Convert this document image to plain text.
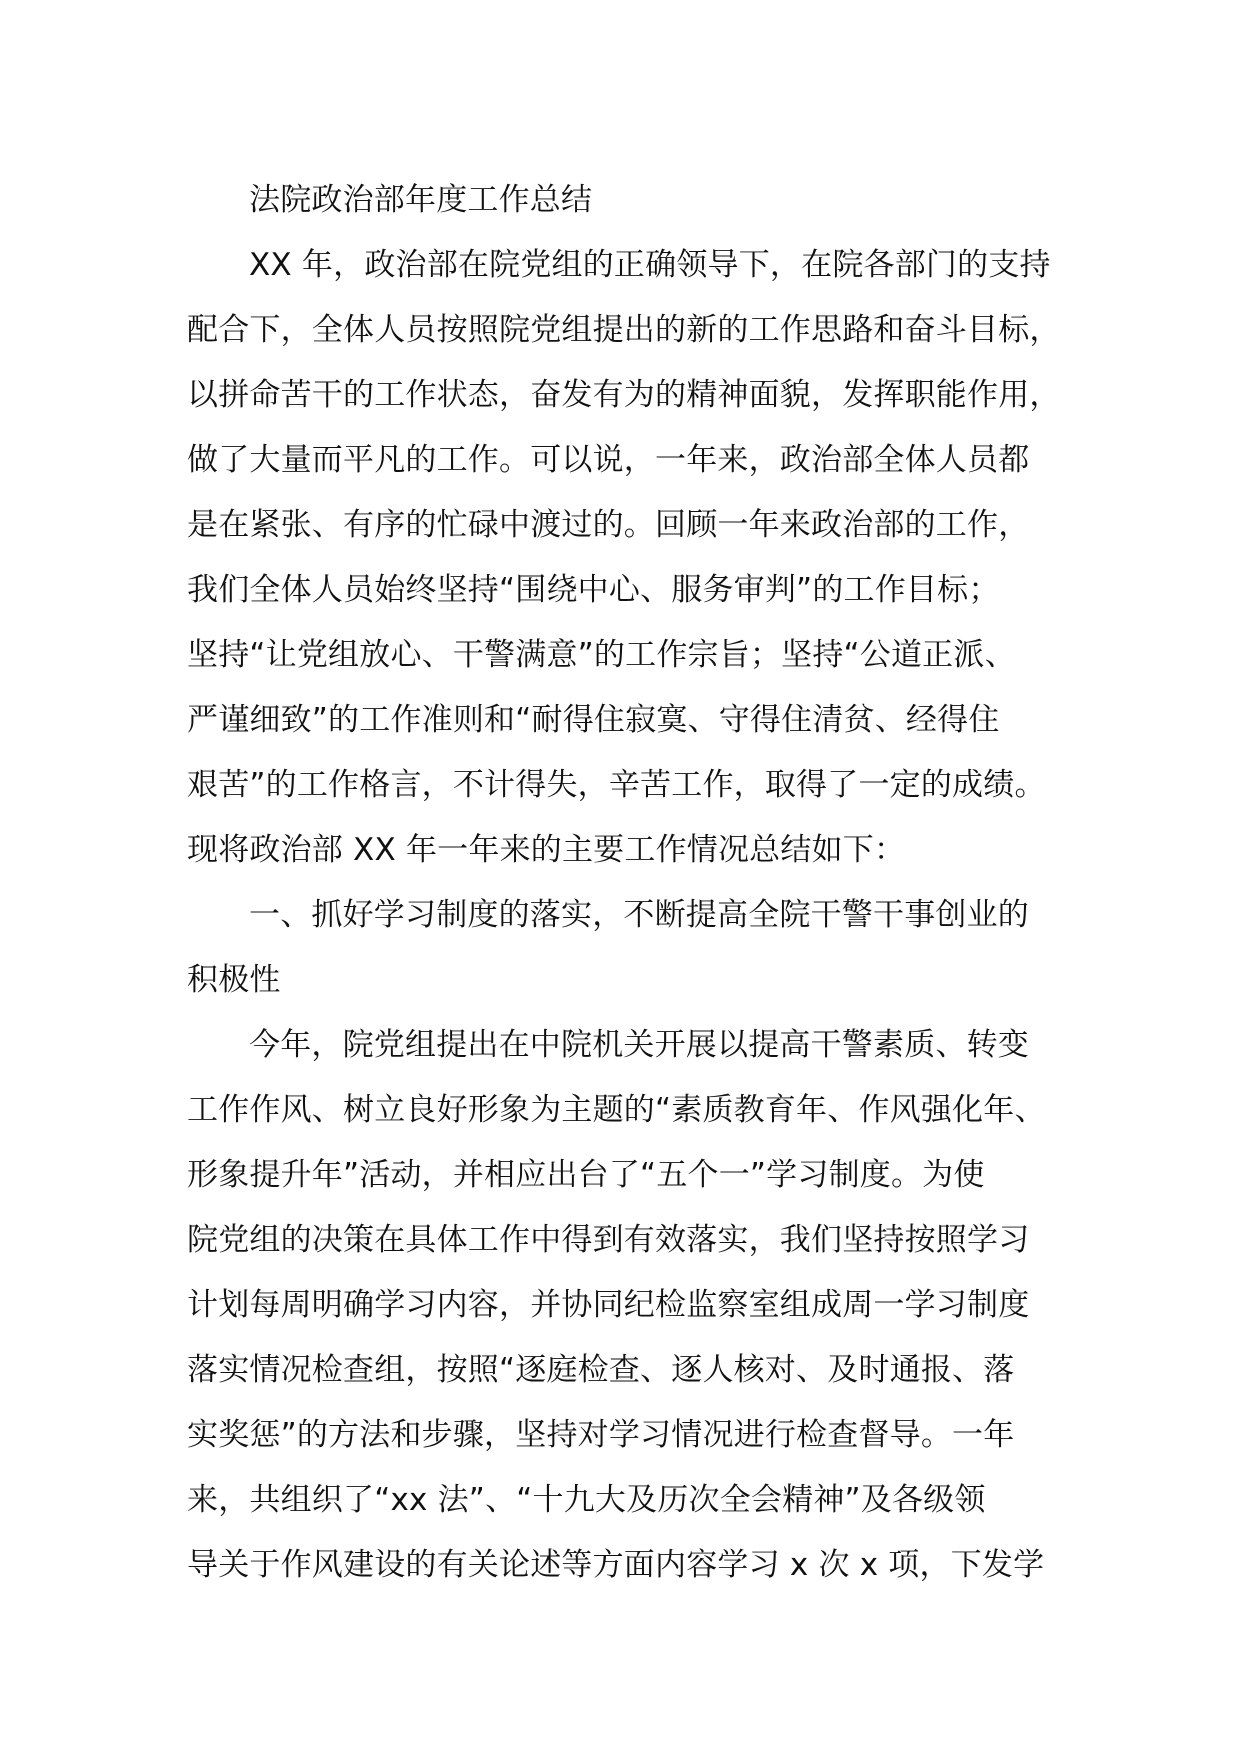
法院政治部年度工作总结
XX 年，政治部在院党组的正确领导下，在院各部门的支持
配合下，全体人员按照院党组提出的新的工作思路和奋斗目标，
以拼命苦干的工作状态，奋发有为的精神面貌，发挥职能作用，
做了大量而平凡的工作。可以说，一年来，政治部全体人员都
是在紧张、有序的忙碌中渡过的。回顾一年来政治部的工作，
我们全体人员始终坚持“围绕中心、服务审判”的工作目标；
坚持“让党组放心、干警满意”的工作宗旨；坚持“公道正派、
严谨细致”的工作准则和“耐得住寂寞、守得住清贫、经得住
艰苦”的工作格言，不计得失，辛苦工作，取得了一定的成绩。
现将政治部 XX 年一年来的主要工作情况总结如下：
一、抓好学习制度的落实，不断提高全院干警干事创业的
积极性
今年，院党组提出在中院机关开展以提高干警素质、转变
工作作风、树立良好形象为主题的“素质教育年、作风强化年、
形象提升年”活动，并相应出台了“五个一”学习制度。为使
院党组的决策在具体工作中得到有效落实，我们坚持按照学习
计划每周明确学习内容，并协同纪检监察室组成周一学习制度
落实情况检查组，按照“逐庭检查、逐人核对、及时通报、落
实奖惩”的方法和步骤，坚持对学习情况进行检查督导。一年
来，共组织了“xx 法”、“十九大及历次全会精神”及各级领
导关于作风建设的有关论述等方面内容学习 x 次 x 项，下发学
